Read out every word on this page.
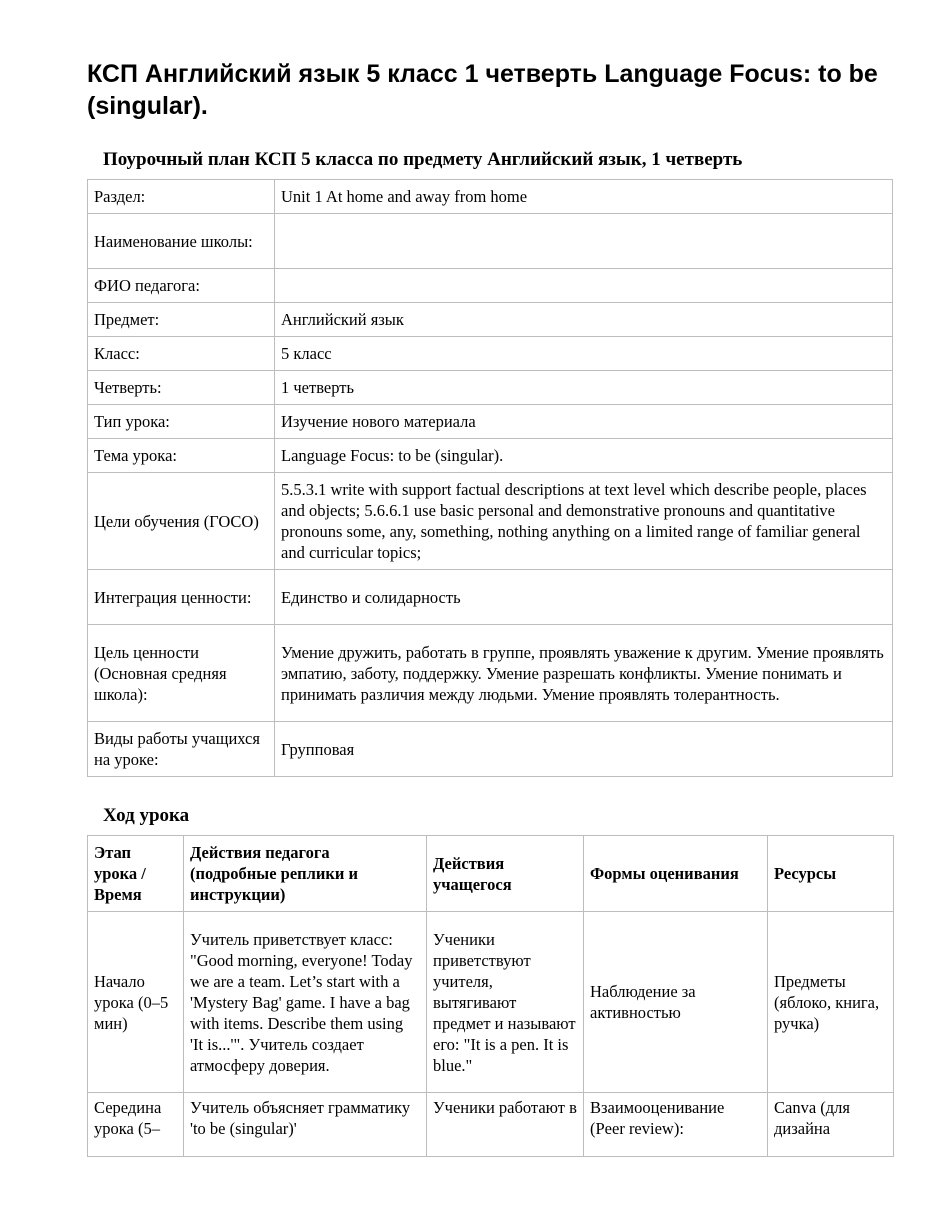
КСП Английский язык 5 класс 1 четверть Language Focus: to be (singular).
Поурочный план КСП 5 класса по предмету Английский язык, 1 четверть
Раздел:	Unit 1 At home and away from home
Наименование школы:	
ФИО педагога:	
Предмет:	Английский язык
Класс:	5 класс
Четверть:	1 четверть
Тип урока:	Изучение нового материала
Тема урока:	Language Focus: to be (singular).
Цели обучения (ГОСО)	5.5.3.1 write with support factual descriptions at text level which describe people, places and objects; 5.6.6.1 use basic personal and demonstrative pronouns and quantitative pronouns some, any, something, nothing anything on a limited range of familiar general and curricular topics;
Интеграция ценности:	Единство и солидарность
Цель ценности (Основная средняя школа):	Умение дружить, работать в группе, проявлять уважение к другим. Умение проявлять эмпатию, заботу, поддержку. Умение разрешать конфликты. Умение понимать и принимать различия между людьми. Умение проявлять толерантность.
Виды работы учащихся на уроке:	Групповая
Ход урока
Этап урока / Время	Действия педагога (подробные реплики и инструкции)	Действия учащегося	Формы оценивания	Ресурсы
Начало урока (0–5 мин)	Учитель приветствует класс: "Good morning, everyone! Today we are a team. Let’s start with a 'Mystery Bag' game. I have a bag with items. Describe them using 'It is...'". Учитель создает атмосферу доверия.	Ученики приветствуют учителя, вытягивают предмет и называют его: "It is a pen. It is blue."	Наблюдение за активностью	Предметы (яблоко, книга, ручка)
Середина урока (5–	Учитель объясняет грамматику 'to be (singular)'	Ученики работают в	Взаимооценивание (Peer review):	Canva (для дизайна
